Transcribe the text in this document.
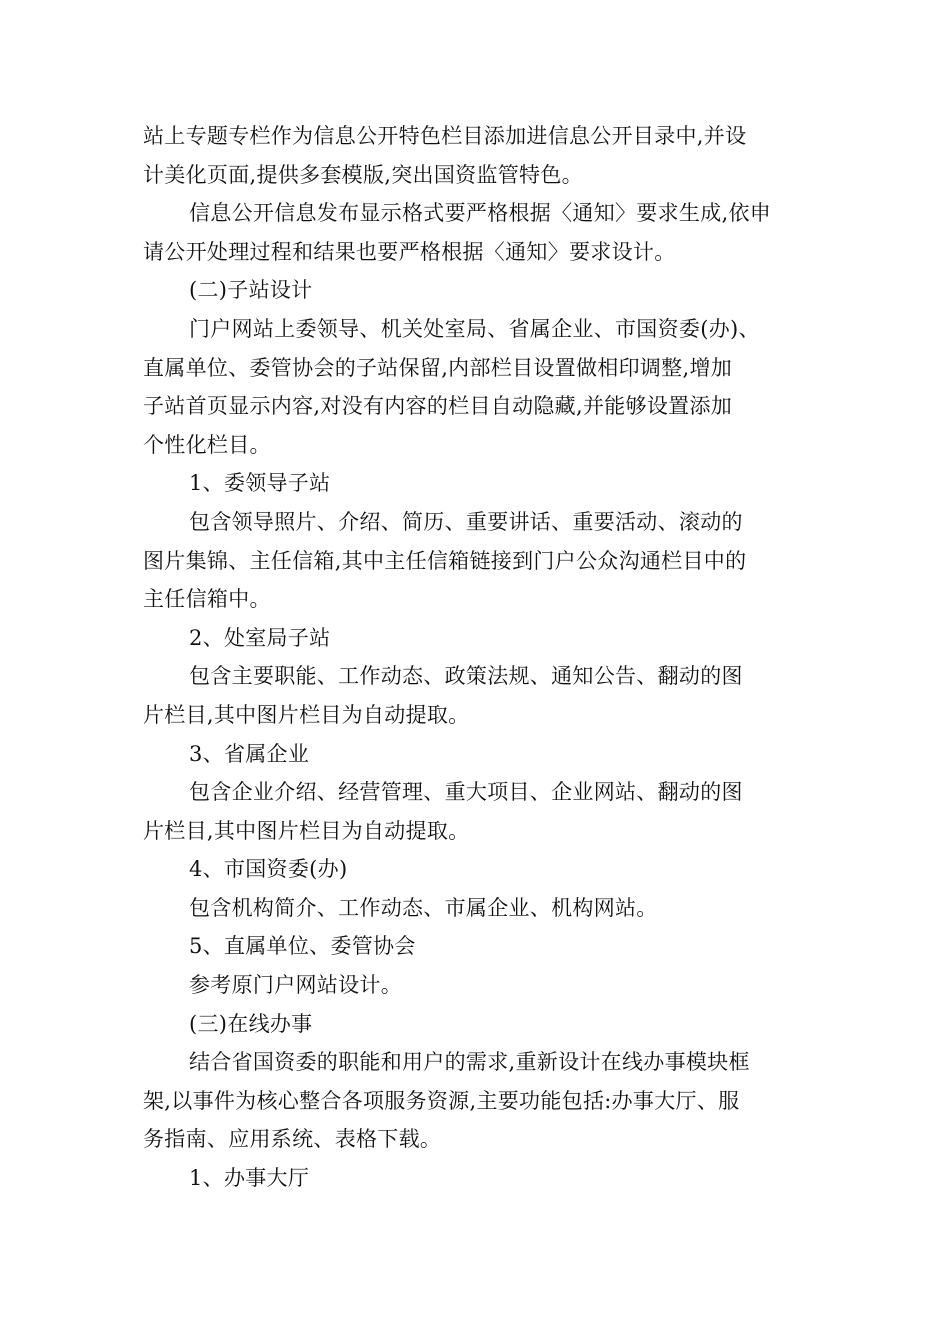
站上专题专栏作为信息公开特色栏目添加进信息公开目录中,并设

计美化页面,提供多套模版,突出国资监管特色。

信息公开信息发布显示格式要严格根据〈通知〉要求生成,依申

请公开处理过程和结果也要严格根据〈通知〉要求设计。

(二)子站设计

门户网站上委领导、机关处室局、省属企业、市国资委(办)、

直属单位、委管协会的子站保留,内部栏目设置做相印调整,增加

子站首页显示内容,对没有内容的栏目自动隐藏,并能够设置添加

个性化栏目。

1、委领导子站

包含领导照片、介绍、简历、重要讲话、重要活动、滚动的

图片集锦、主任信箱,其中主任信箱链接到门户公众沟通栏目中的

主任信箱中。

2、处室局子站

包含主要职能、工作动态、政策法规、通知公告、翻动的图

片栏目,其中图片栏目为自动提取。

3、省属企业

包含企业介绍、经营管理、重大项目、企业网站、翻动的图

片栏目,其中图片栏目为自动提取。

4、市国资委(办)

包含机构简介、工作动态、市属企业、机构网站。

5、直属单位、委管协会

参考原门户网站设计。

(三)在线办事

结合省国资委的职能和用户的需求,重新设计在线办事模块框

架,以事件为核心整合各项服务资源,主要功能包括:办事大厅、服

务指南、应用系统、表格下载。

1、办事大厅
